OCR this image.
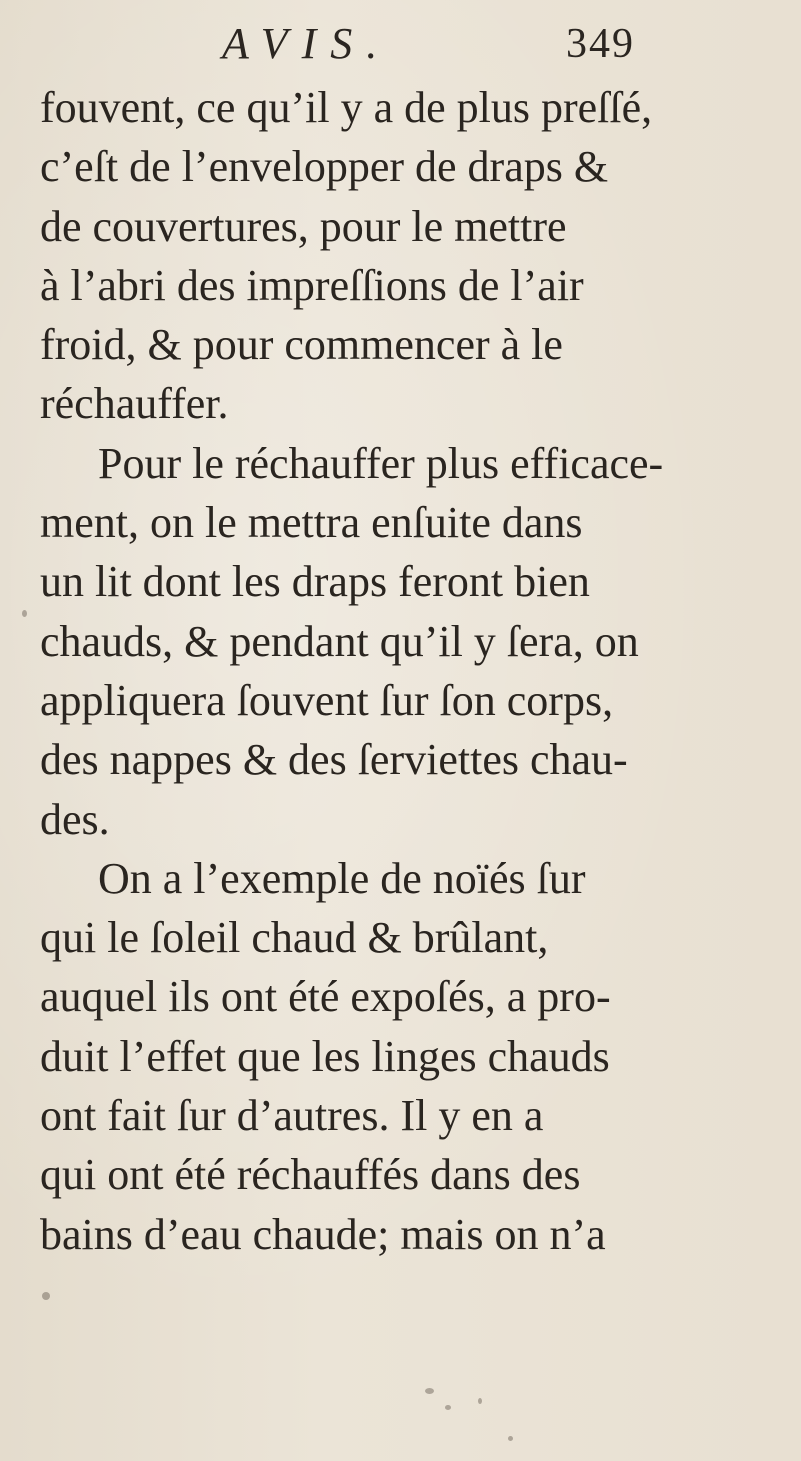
AVIS.	349
fouvent, ce qu’il y a de plus preſſé,
c’eſt de l’envelopper de draps &
de couvertures, pour le mettre
à l’abri des impreſſions de l’air
froid, & pour commencer à le
réchauffer.
Pour le réchauffer plus efficace-
ment, on le mettra enſuite dans
un lit dont les draps feront bien
chauds, & pendant qu’il y ſera, on
appliquera ſouvent ſur ſon corps,
des nappes & des ſerviettes chau-
des.
On a l’exemple de noïés ſur
qui le ſoleil chaud & brûlant,
auquel ils ont été expoſés, a pro-
duit l’effet que les linges chauds
ont fait ſur d’autres. Il y en a
qui ont été réchauffés dans des
bains d’eau chaude; mais on n’a
